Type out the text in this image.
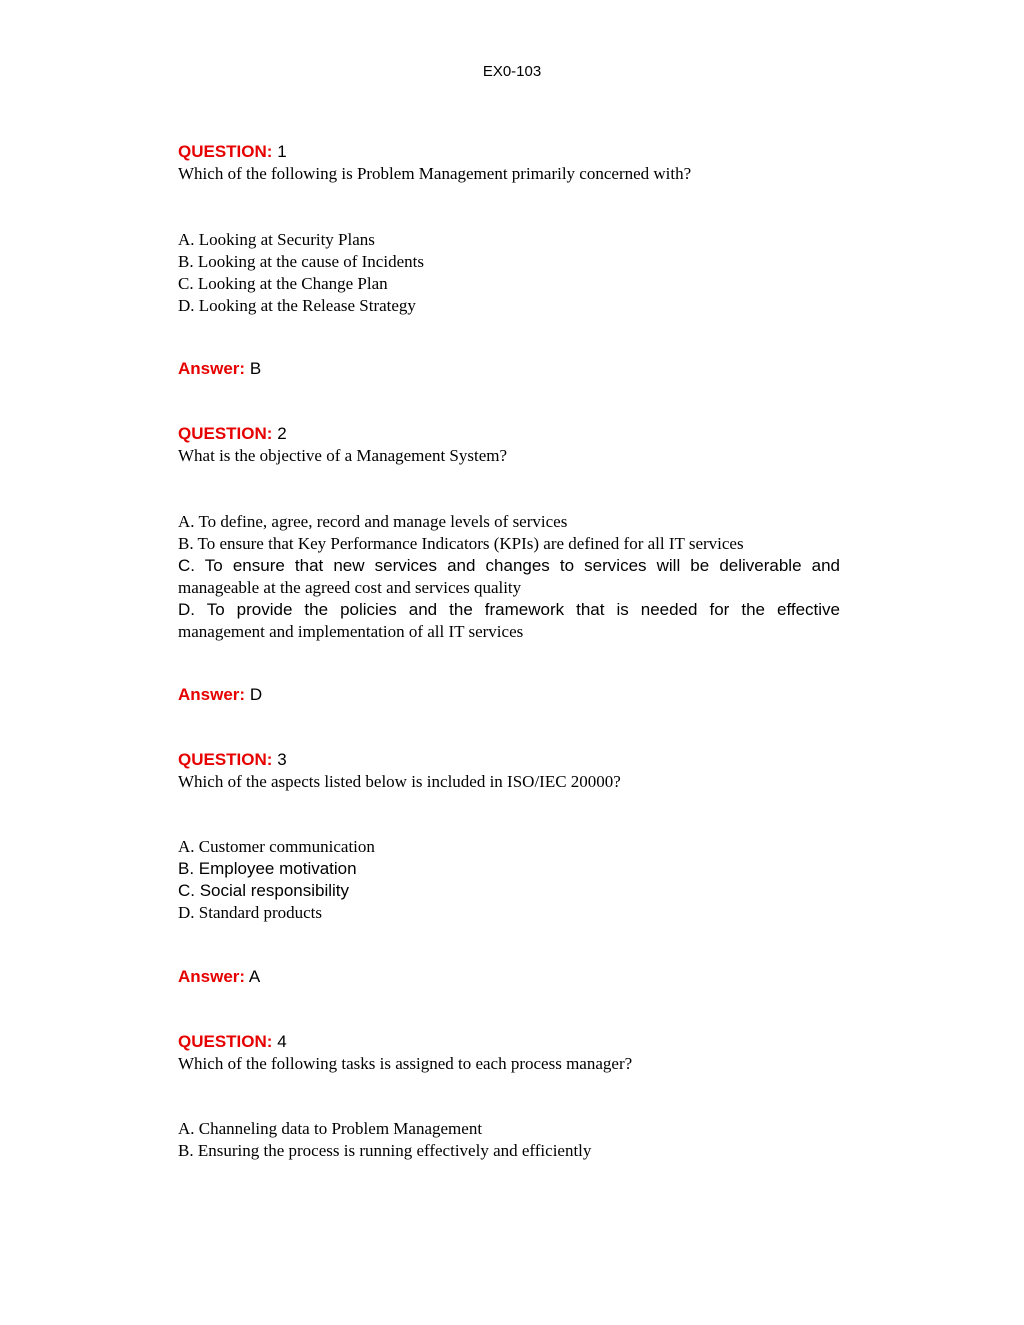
EX0-103
QUESTION: 1
Which of the following is Problem Management primarily concerned with?
A. Looking at Security Plans
B. Looking at the cause of Incidents
C. Looking at the Change Plan
D. Looking at the Release Strategy
Answer: B
QUESTION: 2
What is the objective of a Management System?
A. To define, agree, record and manage levels of services
B. To ensure that Key Performance Indicators (KPIs) are defined for all IT services
C. To ensure that new services and changes to services will be deliverable and
manageable at the agreed cost and services quality
D. To provide the policies and the framework that is needed for the effective
management and implementation of all IT services
Answer: D
QUESTION: 3
Which of the aspects listed below is included in ISO/IEC 20000?
A. Customer communication
B. Employee motivation
C. Social responsibility
D. Standard products
Answer: A
QUESTION: 4
Which of the following tasks is assigned to each process manager?
A. Channeling data to Problem Management
B. Ensuring the process is running effectively and efficiently
